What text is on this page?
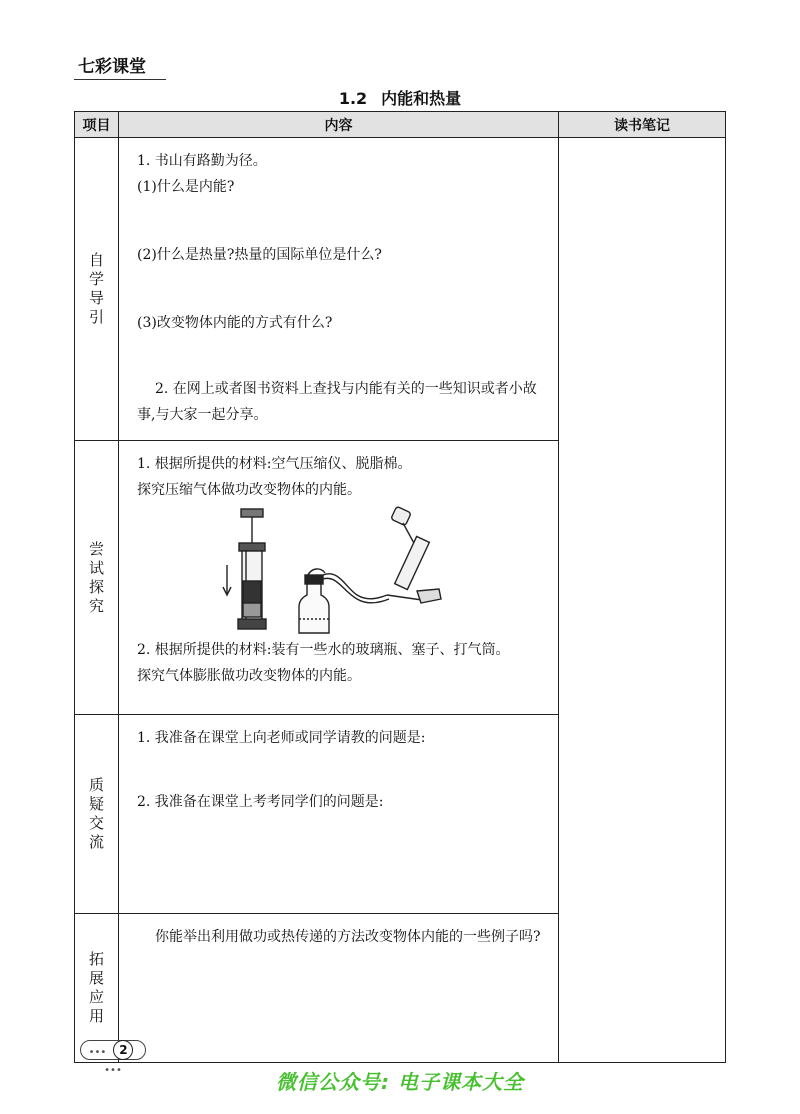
七彩课堂
1.2 内能和热量
项目	内容	读书笔记

自学导引	1. 书山有路勤为径。
(1)什么是内能?
(2)什么是热量?热量的国际单位是什么?
(3)改变物体内能的方式有什么?
2. 在网上或者图书资料上查找与内能有关的一些知识或者小故事,与大家一起分享。	

尝试探究	1. 根据所提供的材料:空气压缩仪、脱脂棉。
探究压缩气体做功改变物体的内能。
2. 根据所提供的材料:装有一些水的玻璃瓶、塞子、打气筒。
探究气体膨胀做功改变物体的内能。	

质疑交流	1. 我准备在课堂上向老师或同学请教的问题是:
2. 我准备在课堂上考考同学们的问题是:	

拓展应用	你能举出利用做功或热传递的方法改变物体内能的一些例子吗?	
••• 2 •••	微信公众号: 电子课本大全
